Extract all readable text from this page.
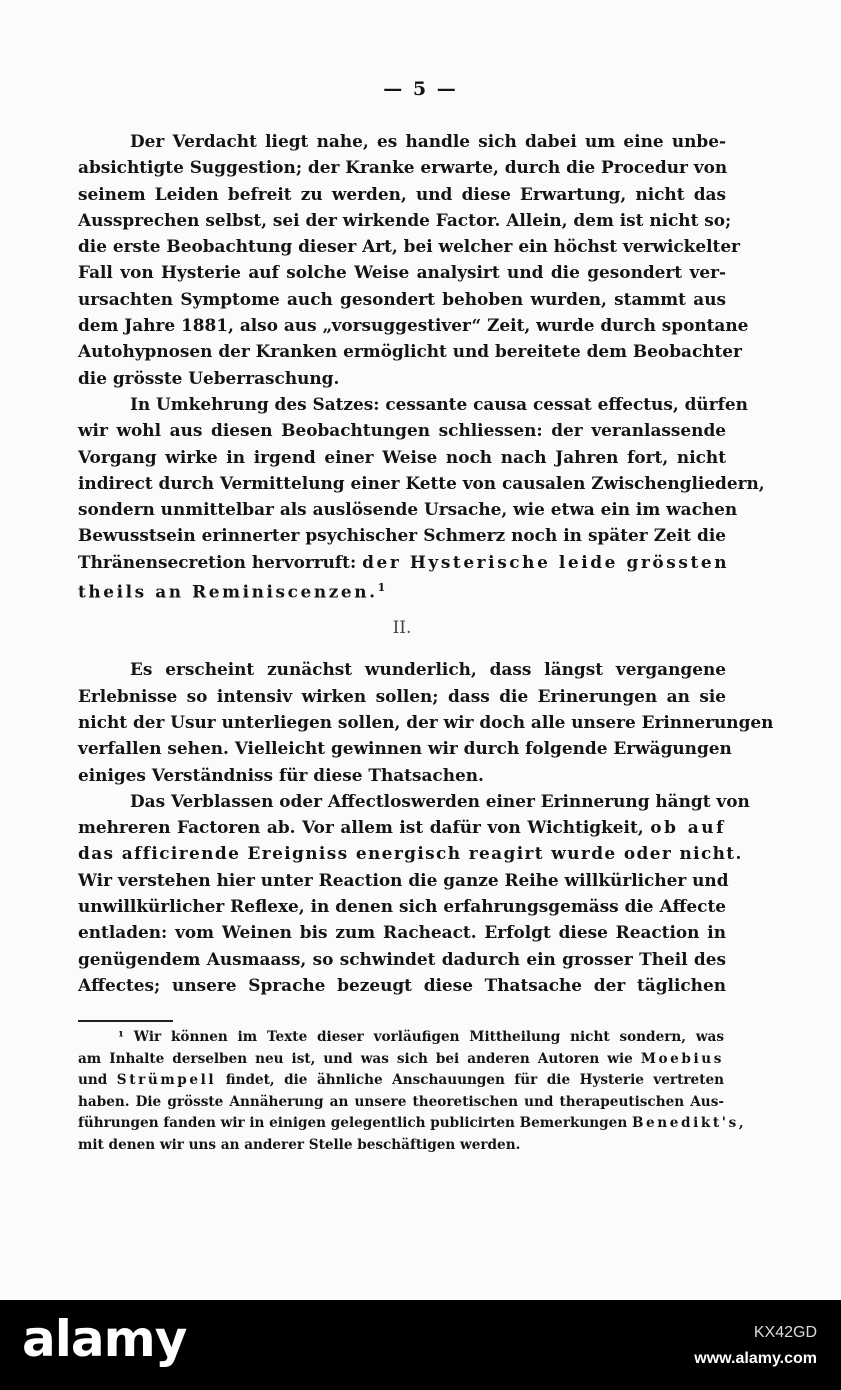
— 5 —
Der Verdacht liegt nahe, es handle sich dabei um eine unbe-
absichtigte Suggestion; der Kranke erwarte, durch die Procedur von
seinem Leiden befreit zu werden, und diese Erwartung, nicht das
Aussprechen selbst, sei der wirkende Factor. Allein, dem ist nicht so;
die erste Beobachtung dieser Art, bei welcher ein höchst verwickelter
Fall von Hysterie auf solche Weise analysirt und die gesondert ver-
ursachten Symptome auch gesondert behoben wurden, stammt aus
dem Jahre 1881, also aus „vorsuggestiver“ Zeit, wurde durch spontane
Autohypnosen der Kranken ermöglicht und bereitete dem Beobachter
die grösste Ueberraschung.
In Umkehrung des Satzes: cessante causa cessat effectus, dürfen
wir wohl aus diesen Beobachtungen schliessen: der veranlassende
Vorgang wirke in irgend einer Weise noch nach Jahren fort, nicht
indirect durch Vermittelung einer Kette von causalen Zwischengliedern,
sondern unmittelbar als auslösende Ursache, wie etwa ein im wachen
Bewusstsein erinnerter psychischer Schmerz noch in später Zeit die
Thränensecretion hervorruft: der Hysterische leide grössten
theils an Reminiscenzen.$^1$
II.
Es erscheint zunächst wunderlich, dass längst vergangene
Erlebnisse so intensiv wirken sollen; dass die Erinerungen an sie
nicht der Usur unterliegen sollen, der wir doch alle unsere Erinnerungen
verfallen sehen. Vielleicht gewinnen wir durch folgende Erwägungen
einiges Verständniss für diese Thatsachen.
Das Verblassen oder Affectloswerden einer Erinnerung hängt von
mehreren Factoren ab. Vor allem ist dafür von Wichtigkeit, ob auf
das afficirende Ereigniss energisch reagirt wurde oder nicht.
Wir verstehen hier unter Reaction die ganze Reihe willkürlicher und
unwillkürlicher Reflexe, in denen sich erfahrungsgemäss die Affecte
entladen: vom Weinen bis zum Racheact. Erfolgt diese Reaction in
genügendem Ausmaass, so schwindet dadurch ein grosser Theil des
Affectes; unsere Sprache bezeugt diese Thatsache der täglichen
¹ Wir können im Texte dieser vorläufigen Mittheilung nicht sondern, was
am Inhalte derselben neu ist, und was sich bei anderen Autoren wie Moebius
und Strümpell findet, die ähnliche Anschauungen für die Hysterie vertreten
haben. Die grösste Annäherung an unsere theoretischen und therapeutischen Aus-
führungen fanden wir in einigen gelegentlich publicirten Bemerkungen Benedikt's,
mit denen wir uns an anderer Stelle beschäftigen werden.
alamy	KX42GD
www.alamy.com
